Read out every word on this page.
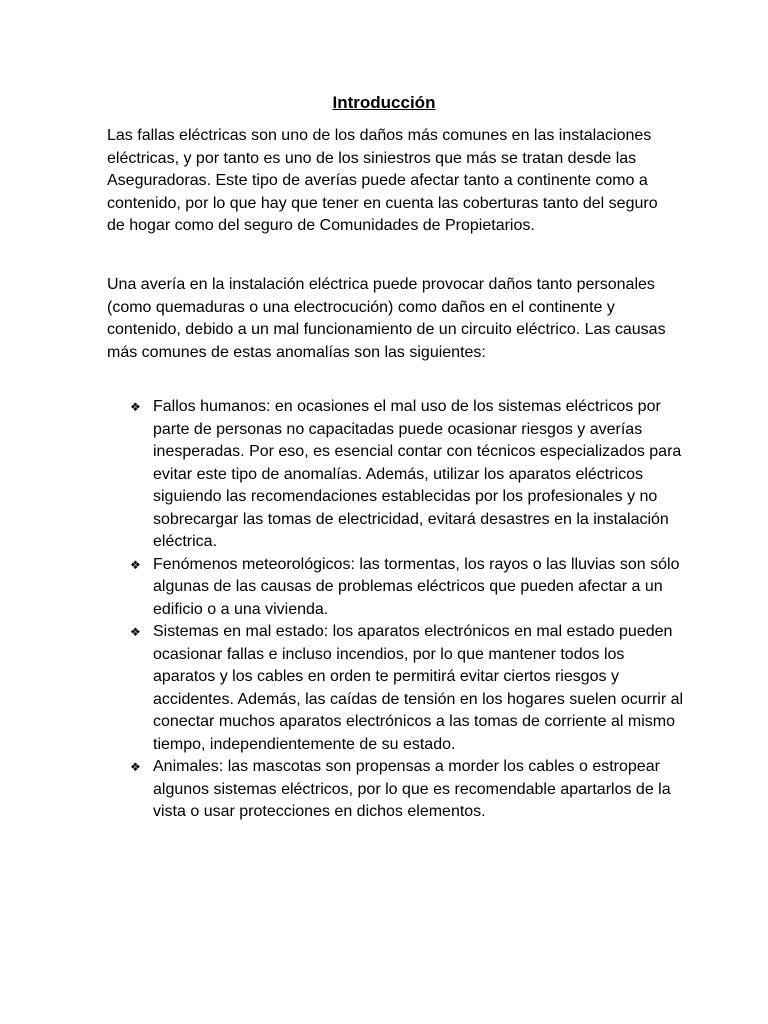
Introducción

Las fallas eléctricas son uno de los daños más comunes en las instalaciones eléctricas, y por tanto es uno de los siniestros que más se tratan desde las Aseguradoras. Este tipo de averías puede afectar tanto a continente como a contenido, por lo que hay que tener en cuenta las coberturas tanto del seguro de hogar como del seguro de Comunidades de Propietarios.

Una avería en la instalación eléctrica puede provocar daños tanto personales (como quemaduras o una electrocución) como daños en el continente y contenido, debido a un mal funcionamiento de un circuito eléctrico. Las causas más comunes de estas anomalías son las siguientes:

❖ Fallos humanos: en ocasiones el mal uso de los sistemas eléctricos por parte de personas no capacitadas puede ocasionar riesgos y averías inesperadas. Por eso, es esencial contar con técnicos especializados para evitar este tipo de anomalías. Además, utilizar los aparatos eléctricos siguiendo las recomendaciones establecidas por los profesionales y no sobrecargar las tomas de electricidad, evitará desastres en la instalación eléctrica.
❖ Fenómenos meteorológicos: las tormentas, los rayos o las lluvias son sólo algunas de las causas de problemas eléctricos que pueden afectar a un edificio o a una vivienda.
❖ Sistemas en mal estado: los aparatos electrónicos en mal estado pueden ocasionar fallas e incluso incendios, por lo que mantener todos los aparatos y los cables en orden te permitirá evitar ciertos riesgos y accidentes. Además, las caídas de tensión en los hogares suelen ocurrir al conectar muchos aparatos electrónicos a las tomas de corriente al mismo tiempo, independientemente de su estado.
❖ Animales: las mascotas son propensas a morder los cables o estropear algunos sistemas eléctricos, por lo que es recomendable apartarlos de la vista o usar protecciones en dichos elementos.
